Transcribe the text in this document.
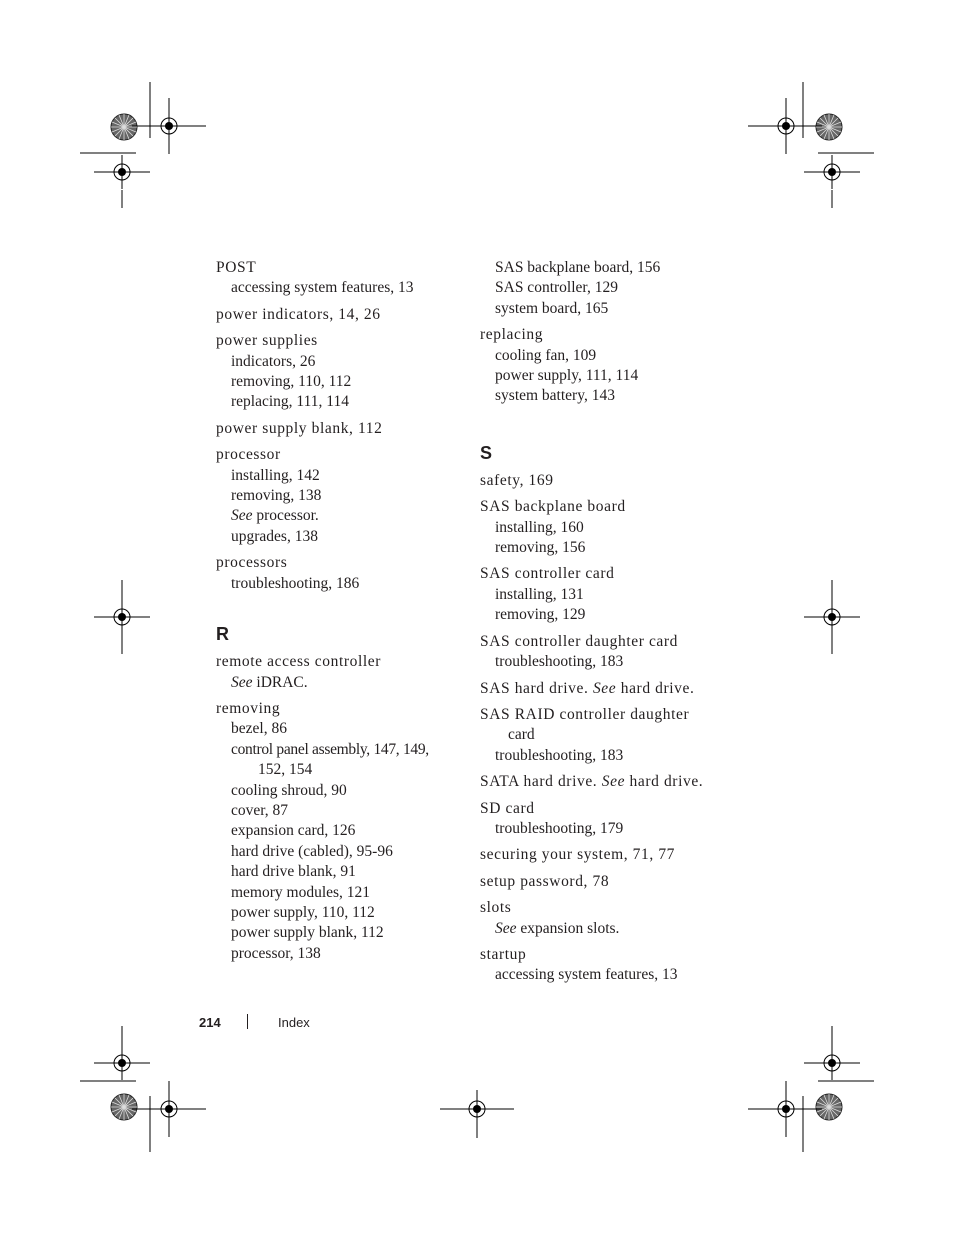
POST
accessing system features, 13
power indicators, 14, 26
power supplies
indicators, 26
removing, 110, 112
replacing, 111, 114
power supply blank, 112
processor
installing, 142
removing, 138
See processor.
upgrades, 138
processors
troubleshooting, 186
R
remote access controller
See iDRAC.
removing
bezel, 86
control panel assembly, 147, 149,
152, 154
cooling shroud, 90
cover, 87
expansion card, 126
hard drive (cabled), 95-96
hard drive blank, 91
memory modules, 121
power supply, 110, 112
power supply blank, 112
processor, 138
SAS backplane board, 156
SAS controller, 129
system board, 165
replacing
cooling fan, 109
power supply, 111, 114
system battery, 143
S
safety, 169
SAS backplane board
installing, 160
removing, 156
SAS controller card
installing, 131
removing, 129
SAS controller daughter card
troubleshooting, 183
SAS hard drive. See hard drive.
SAS RAID controller daughter
card
troubleshooting, 183
SATA hard drive. See hard drive.
SD card
troubleshooting, 179
securing your system, 71, 77
setup password, 78
slots
See expansion slots.
startup
accessing system features, 13
214	Index
